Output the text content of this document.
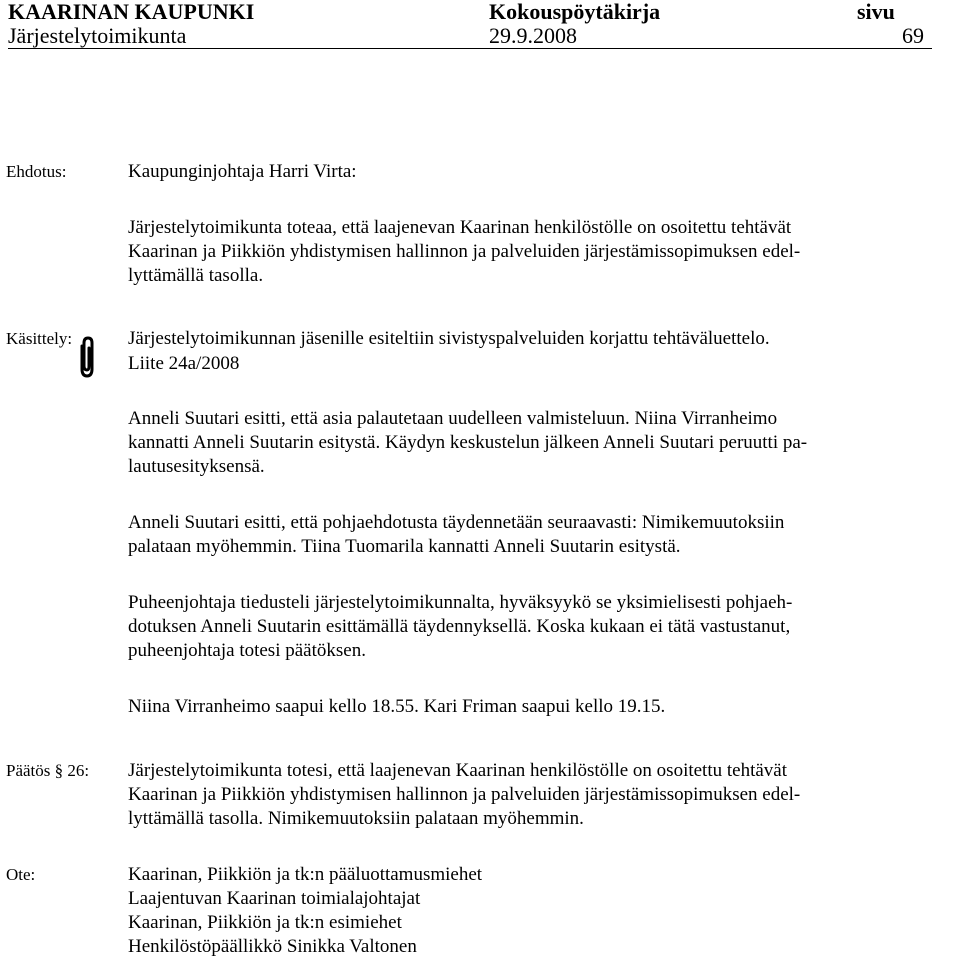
KAARINAN KAUPUNKI	Kokouspöytäkirja	sivu
Järjestelytoimikunta	29.9.2008	69
Ehdotus:	Kaupunginjohtaja Harri Virta:
Järjestelytoimikunta toteaa, että laajenevan Kaarinan henkilöstölle on osoitettu tehtävät
Kaarinan ja Piikkiön yhdistymisen hallinnon ja palveluiden järjestämissopimuksen edel-
lyttämällä tasolla.
Käsittely:	Järjestelytoimikunnan jäsenille esiteltiin sivistyspalveluiden korjattu tehtäväluettelo.
Liite 24a/2008
Anneli Suutari esitti, että asia palautetaan uudelleen valmisteluun. Niina Virranheimo
kannatti Anneli Suutarin esitystä. Käydyn keskustelun jälkeen Anneli Suutari peruutti pa-
lautusesityksensä.
Anneli Suutari esitti, että pohjaehdotusta täydennetään seuraavasti: Nimikemuutoksiin
palataan myöhemmin. Tiina Tuomarila kannatti Anneli Suutarin esitystä.
Puheenjohtaja tiedusteli järjestelytoimikunnalta, hyväksyykö se yksimielisesti pohjaeh-
dotuksen Anneli Suutarin esittämällä täydennyksellä. Koska kukaan ei tätä vastustanut,
puheenjohtaja totesi päätöksen.
Niina Virranheimo saapui kello 18.55. Kari Friman saapui kello 19.15.
Päätös § 26: Järjestelytoimikunta totesi, että laajenevan Kaarinan henkilöstölle on osoitettu tehtävät
Kaarinan ja Piikkiön yhdistymisen hallinnon ja palveluiden järjestämissopimuksen edel-
lyttämällä tasolla. Nimikemuutoksiin palataan myöhemmin.
Ote:	Kaarinan, Piikkiön ja tk:n pääluottamusmiehet
Laajentuvan Kaarinan toimialajohtajat
Kaarinan, Piikkiön ja tk:n esimiehet
Henkilöstöpäällikkö Sinikka Valtonen
